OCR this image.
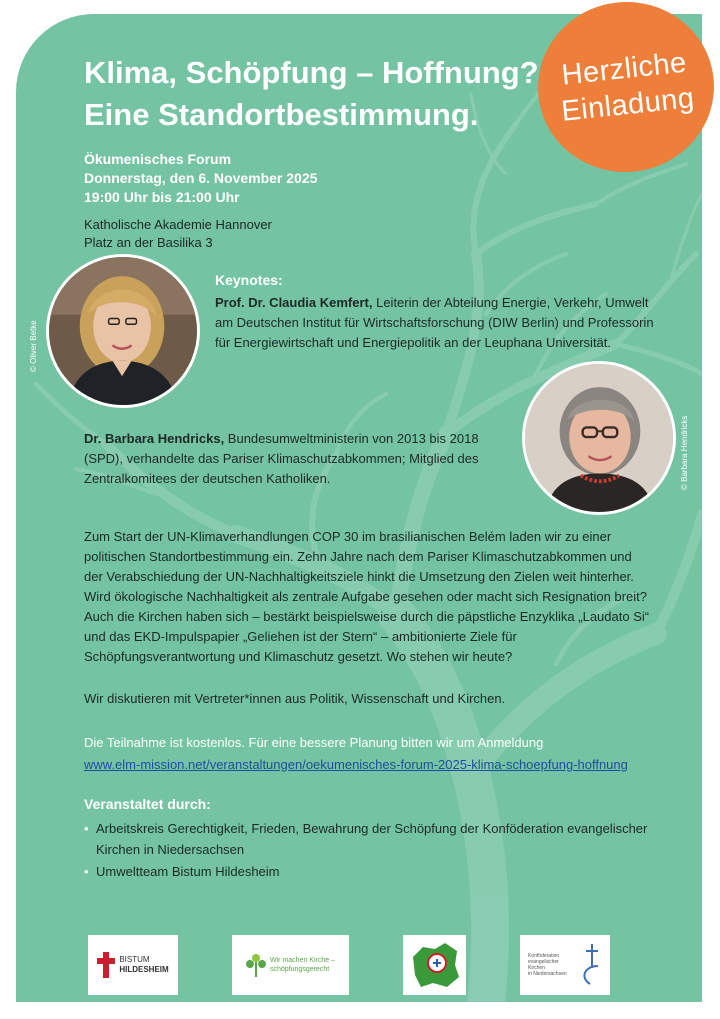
Herzliche
Einladung
Klima, Schöpfung – Hoffnung?
Eine Standortbestimmung.
Ökumenisches Forum
Donnerstag, den 6. November 2025
19:00 Uhr bis 21:00 Uhr
Katholische Akademie Hannover
Platz an der Basilika 3
© Oliver Betke
Keynotes:

Prof. Dr. Claudia Kemfert, Leiterin der Abteilung Energie, Verkehr, Umwelt am Deutschen Institut für Wirtschaftsforschung (DIW Berlin) und Professorin für Energiewirtschaft und Energiepolitik an der Leuphana Universität.

© Barbara Hendricks

Dr. Barbara Hendricks, Bundesumweltministerin von 2013 bis 2018 (SPD), verhandelte das Pariser Klimaschutzabkommen; Mitglied des Zentralkomitees der deutschen Katholiken.

Zum Start der UN-Klimaverhandlungen COP 30 im brasilianischen Belém laden wir zu einer politischen Standortbestimmung ein. Zehn Jahre nach dem Pariser Klimaschutzabkommen und der Verabschiedung der UN-Nachhaltigkeitsziele hinkt die Umsetzung den Zielen weit hinterher. Wird ökologische Nachhaltigkeit als zentrale Aufgabe gesehen oder macht sich Resignation breit?

Auch die Kirchen haben sich – bestärkt beispielsweise durch die päpstliche Enzyklika „Laudato Si“ und das EKD-Impulspapier „Geliehen ist der Stern“ – ambitionierte Ziele für Schöpfungsverantwortung und Klimaschutz gesetzt. Wo stehen wir heute?

Wir diskutieren mit Vertreter*innen aus Politik, Wissenschaft und Kirchen.

Die Teilnahme ist kostenlos. Für eine bessere Planung bitten wir um Anmeldung
www.elm-mission.net/veranstaltungen/oekumenisches-forum-2025-klima-schoepfung-hoffnung
Veranstaltet durch:
• Arbeitskreis Gerechtigkeit, Frieden, Bewahrung der Schöpfung der Konföderation evangelischer Kirchen in Niedersachsen
• Umweltteam Bistum Hildesheim
BISTUM
HILDESHEIM
Wir machen Kirche –
schöpfungsgerecht
Konföderation
evangelischer Kirchen
in Niedersachsen
